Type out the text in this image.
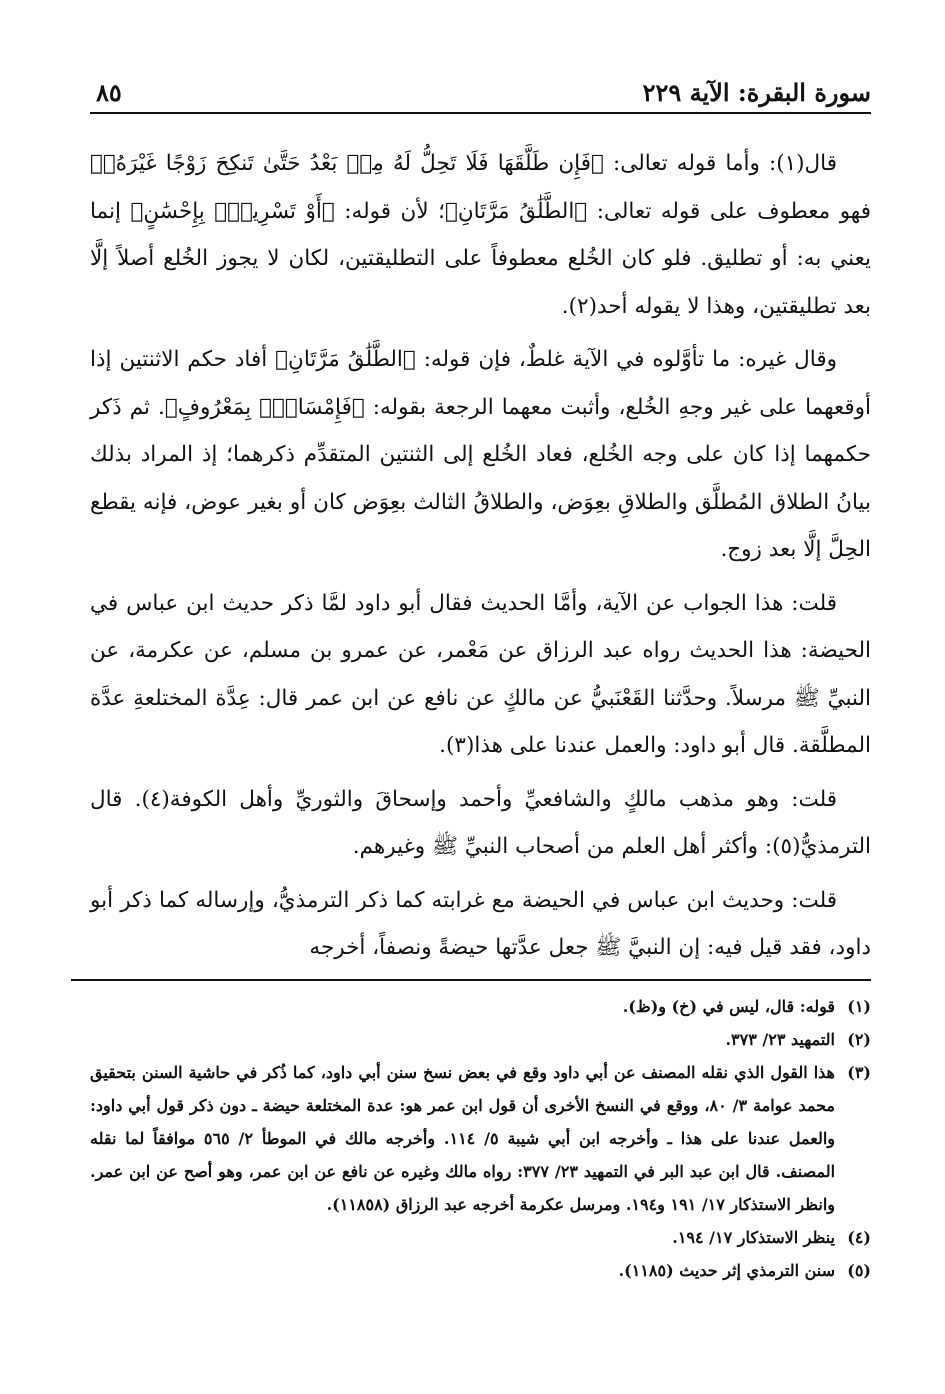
سورة البقرة: الآية ٢٢٩
٨٥

قال(١): وأما قوله تعالى: ﴿فَإِن طَلَّقَهَا فَلَا تَحِلُّ لَهُ مِنۢ بَعْدُ حَتَّىٰ تَنكِحَ زَوْجًا غَيْرَهُۥ﴾ فهو معطوف على قوله تعالى: ﴿الطَّلَٰقُ مَرَّتَانِ﴾؛ لأن قوله: ﴿أَوْ تَسْرِيحٌۢ بِإِحْسَٰنٍ﴾ إنما يعني به: أو تطليق. فلو كان الخُلع معطوفاً على التطليقتين، لكان لا يجوز الخُلع أصلاً إلَّا بعد تطليقتين، وهذا لا يقوله أحد(٢).

وقال غيره: ما تأوَّلوه في الآية غلطٌ، فإن قوله: ﴿الطَّلَٰقُ مَرَّتَانِ﴾ أفاد حكم الاثنتين إذا أوقعهما على غير وجهِ الخُلع، وأثبت معهما الرجعة بقوله: ﴿فَإِمْسَاكٌۢ بِمَعْرُوفٍ﴾. ثم ذَكر حكمهما إذا كان على وجه الخُلع، فعاد الخُلع إلى الثنتين المتقدِّم ذكرهما؛ إذ المراد بذلك بيانُ الطلاق المُطلَّق والطلاقِ بعِوَض، والطلاقُ الثالث بعِوَض كان أو بغير عوض، فإنه يقطع الحِلَّ إلَّا بعد زوج.

قلت: هذا الجواب عن الآية، وأمَّا الحديث فقال أبو داود لمَّا ذكر حديث ابن عباس في الحيضة: هذا الحديث رواه عبد الرزاق عن مَعْمر، عن عمرو بن مسلم، عن عكرمة، عن النبيِّ ﷺ مرسلاً. وحدَّثنا القَعْنَبيُّ عن مالكٍ عن نافع عن ابن عمر قال: عِدَّة المختلعةِ عدَّة المطلَّقة. قال أبو داود: والعمل عندنا على هذا(٣).

قلت: وهو مذهب مالكٍ والشافعيِّ وأحمد وإسحاقَ والثوريِّ وأهل الكوفة(٤). قال الترمذيُّ(٥): وأكثر أهل العلم من أصحاب النبيِّ ﷺ وغيرهم.

قلت: وحديث ابن عباس في الحيضة مع غرابته كما ذكر الترمذيُّ، وإرساله كما ذكر أبو داود، فقد قيل فيه: إن النبيَّ ﷺ جعل عدَّتها حيضةً ونصفاً، أخرجه

(١)
قوله: قال، ليس في (خ) و(ظ).
(٢)
التمهيد ٢٣/ ٣٧٣.
(٣)
هذا القول الذي نقله المصنف عن أبي داود وقع في بعض نسخ سنن أبي داود، كما ذُكر في حاشية السنن بتحقيق محمد عوامة ٣/ ٨٠، ووقع في النسخ الأخرى أن قول ابن عمر هو: عدة المختلعة حيضة ـ دون ذكر قول أبي داود: والعمل عندنا على هذا ـ وأخرجه ابن أبي شيبة ٥/ ١١٤. وأخرجه مالك في الموطأ ٢/ ٥٦٥ موافقاً لما نقله المصنف. قال ابن عبد البر في التمهيد ٢٣/ ٣٧٧: رواه مالك وغيره عن نافع عن ابن عمر، وهو أصح عن ابن عمر. وانظر الاستذكار ١٧/ ١٩١ و١٩٤. ومرسل عكرمة أخرجه عبد الرزاق (١١٨٥٨).
(٤)
ينظر الاستذكار ١٧/ ١٩٤.
(٥)
سنن الترمذي إثر حديث (١١٨٥).
